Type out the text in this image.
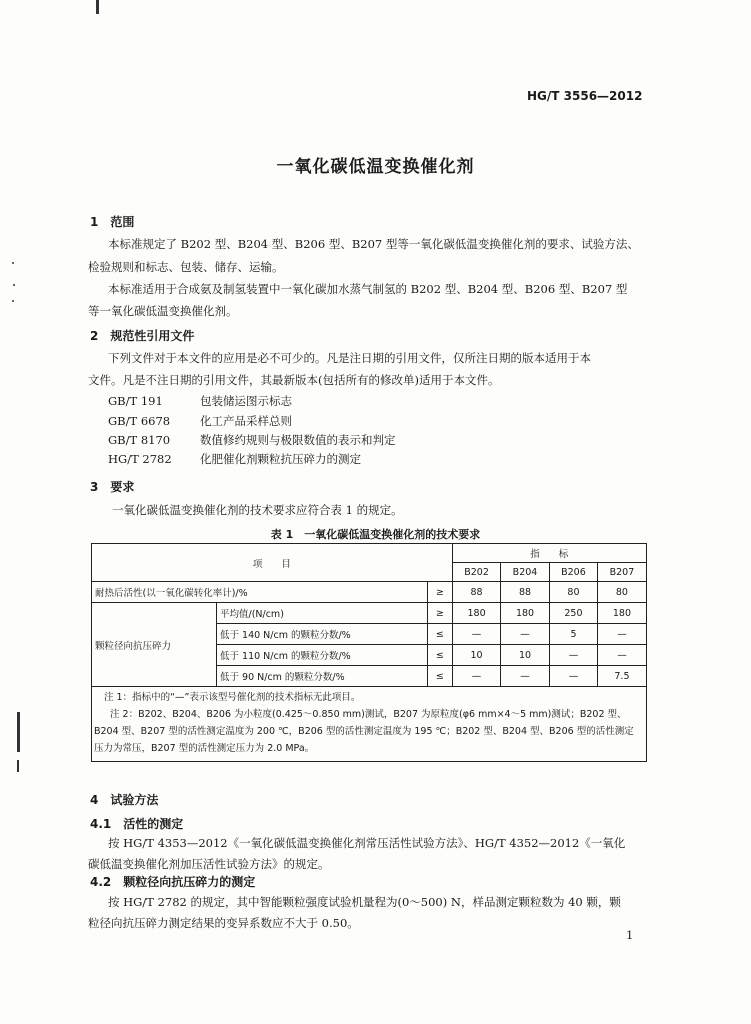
HG/T 3556—2012
一氧化碳低温变换催化剂
1　范围
本标准规定了 B202 型、B204 型、B206 型、B207 型等一氧化碳低温变换催化剂的要求、试验方法、
检验规则和标志、包装、储存、运输。
本标准适用于合成氨及制氢装置中一氧化碳加水蒸气制氢的 B202 型、B204 型、B206 型、B207 型
等一氧化碳低温变换催化剂。
2　规范性引用文件
下列文件对于本文件的应用是必不可少的。凡是注日期的引用文件，仅所注日期的版本适用于本
文件。凡是不注日期的引用文件，其最新版本(包括所有的修改单)适用于本文件。
GB/T 191	包装储运图示标志
GB/T 6678	化工产品采样总则
GB/T 8170	数值修约规则与极限数值的表示和判定
HG/T 2782 化肥催化剂颗粒抗压碎力的测定
3　要求
一氧化碳低温变换催化剂的技术要求应符合表 1 的规定。
表 1　一氧化碳低温变换催化剂的技术要求
项　　目			指　　标			
			B202	B204	B206	B207
耐热后活性(以一氧化碳转化率计)/%		≥	88	88	80	80
颗粒径向抗压碎力	平均值/(N/cm)	≥	180	180	250	180
	低于 140 N/cm 的颗粒分数/%	≤	—	—	5	—
	低于 110 N/cm 的颗粒分数/%	≤	10	10	—	—
	低于 90 N/cm 的颗粒分数/%	≤	—	—	—	7.5

注 1：指标中的“—”表示该型号催化剂的技术指标无此项目。
注 2：B202、B204、B206 为小粒度(0.425～0.850 mm)测试，B207 为原粒度(φ6 mm×4～5 mm)测试；B202 型、
B204 型、B207 型的活性测定温度为 200 ℃，B206 型的活性测定温度为 195 ℃；B202 型、B204 型、B206 型的活性测定
压力为常压，B207 型的活性测定压力为 2.0 MPa。						
4　试验方法
4.1　活性的测定
按 HG/T 4353—2012《一氧化碳低温变换催化剂常压活性试验方法》、HG/T 4352—2012《一氧化
碳低温变换催化剂加压活性试验方法》的规定。
4.2　颗粒径向抗压碎力的测定
按 HG/T 2782 的规定，其中智能颗粒强度试验机量程为(0～500) N，样品测定颗粒数为 40 颗，颗
粒径向抗压碎力测定结果的变异系数应不大于 0.50。
1
